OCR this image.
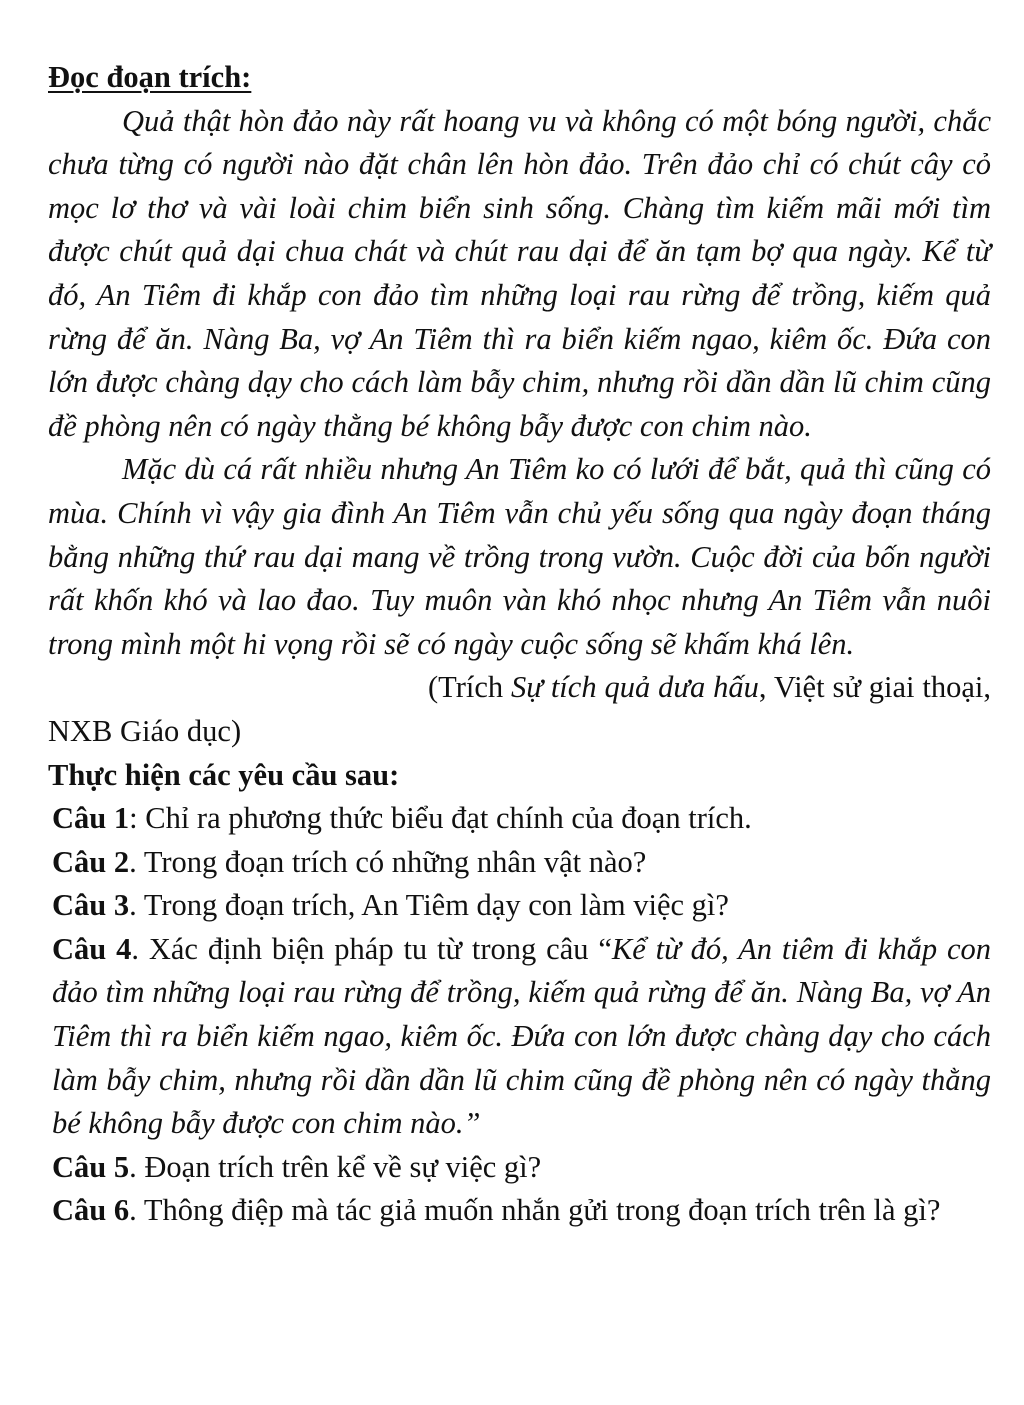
Đọc đoạn trích:

Quả thật hòn đảo này rất hoang vu và không có một bóng người, chắc chưa từng có người nào đặt chân lên hòn đảo. Trên đảo chỉ có chút cây cỏ mọc lơ thơ và vài loài chim biển sinh sống. Chàng tìm kiếm mãi mới tìm được chút quả dại chua chát và chút rau dại để ăn tạm bợ qua ngày. Kể từ đó, An Tiêm đi khắp con đảo tìm những loại rau rừng để trồng, kiếm quả rừng để ăn. Nàng Ba, vợ An Tiêm thì ra biển kiếm ngao, kiêm ốc. Đứa con lớn được chàng dạy cho cách làm bẫy chim, nhưng rồi dần dần lũ chim cũng đề phòng nên có ngày thằng bé không bẫy được con chim nào.

Mặc dù cá rất nhiều nhưng An Tiêm ko có lưới để bắt, quả thì cũng có mùa. Chính vì vậy gia đình An Tiêm vẫn chủ yếu sống qua ngày đoạn tháng bằng những thứ rau dại mang về trồng trong vườn. Cuộc đời của bốn người rất khốn khó và lao đao. Tuy muôn vàn khó nhọc nhưng An Tiêm vẫn nuôi trong mình một hi vọng rồi sẽ có ngày cuộc sống sẽ khấm khá lên.

(Trích Sự tích quả dưa hấu, Việt sử giai thoại, NXB Giáo dục)

Thực hiện các yêu cầu sau:

Câu 1: Chỉ ra phương thức biểu đạt chính của đoạn trích.

Câu 2. Trong đoạn trích có những nhân vật nào?

Câu 3. Trong đoạn trích, An Tiêm dạy con làm việc gì?

Câu 4. Xác định biện pháp tu từ trong câu “Kể từ đó, An tiêm đi khắp con đảo tìm những loại rau rừng để trồng, kiếm quả rừng để ăn. Nàng Ba, vợ An Tiêm thì ra biển kiếm ngao, kiêm ốc. Đứa con lớn được chàng dạy cho cách làm bẫy chim, nhưng rồi dần dần lũ chim cũng đề phòng nên có ngày thằng bé không bẫy được con chim nào.”

Câu 5. Đoạn trích trên kể về sự việc gì?

Câu 6. Thông điệp mà tác giả muốn nhắn gửi trong đoạn trích trên là gì?
